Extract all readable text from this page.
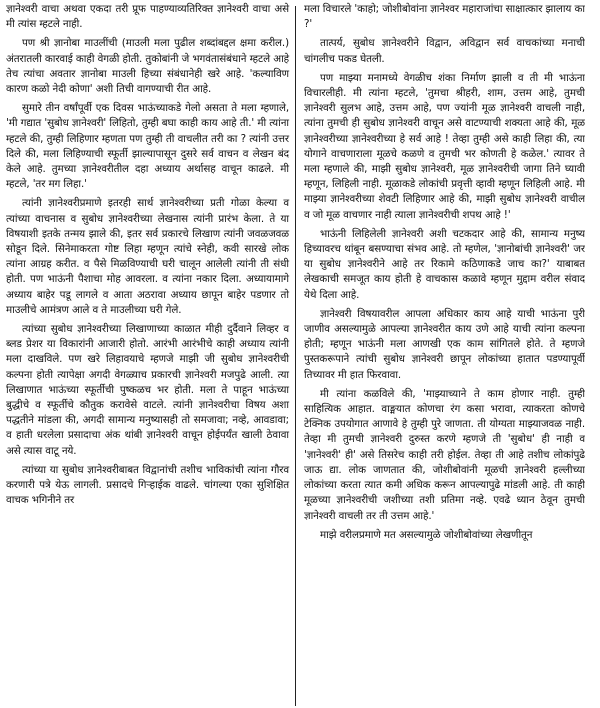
ज्ञानेश्वरी वाचा अथवा एकदा तरी प्रूफ पाहण्याव्यतिरिक्त ज्ञानेश्वरी वाचा असे मी त्यांस म्हटले नाही.

पण श्री ज्ञानोबा माउलींची (माउली मला पुढील शब्दांबद्दल क्षमा करील.) अंतरातली कारवाई काही वेगळी होती. तुकोबांनी जे भगवंतासंबंधाने म्हटले आहे तेच त्यांचा अवतार ज्ञानोबा माउली हिच्या संबंधानेही खरे आहे. 'कल्याविण कारण कळो नेदी कोणा' अशी तिची वागण्याची रीत आहे.

सुमारे तीन वर्षांपूर्वी एक दिवस भाऊंच्याकडे गेलो असता ते मला म्हणाले, 'मी गद्यात 'सुबोध ज्ञानेश्वरी' लिहितो, तुम्ही बघा काही काय आहे ती.' मी त्यांना म्हटले की, तुम्ही लिहिणार म्हणता पण तुम्ही ती वाचलीत तरी का ? त्यांनी उत्तर दिले की, मला लिहिण्याची स्फूर्ती झाल्यापासून दुसरे सर्व वाचन व लेखन बंद केले आहे. तुमच्या ज्ञानेश्वरीतील दहा अध्याय अर्थासह वाचून काढले. मी म्हटले, 'तर मग लिहा.'

त्यांनी ज्ञानेश्वरीप्रमाणे इतरही सार्थ ज्ञानेश्वरीच्या प्रती गोळा केल्या व त्यांच्या वाचनास व सुबोध ज्ञानेश्वरीच्या लेखनास त्यांनी प्रारंभ केला. ते या विषयाशी इतके तन्मय झाले की, इतर सर्व प्रकारचे लिखाण त्यांनी जवळजवळ सोडून दिले. सिनेमाकरता गोष्ट लिहा म्हणून त्यांचे स्नेही, कवी सारखे लोक त्यांना आग्रह करीत. व पैसे मिळविण्याची घरी चालून आलेली त्यांनी ती संधी होती. पण भाऊंनी पैशाचा मोह आवरला. व त्यांना नकार दिला. अध्यायामागे अध्याय बाहेर पडू लागले व आता अठरावा अध्याय छापून बाहेर पडणार तो माउलीचे आमंत्रण आले व ते माउलीच्या घरी गेले.

त्यांच्या सुबोध ज्ञानेश्वरीच्या लिखाणाच्या काळात मीही दुर्दैवाने लिव्हर व ब्लड प्रेशर या विकारांनी आजारी होतो. आरंभी आरंभीचे काही अध्याय त्यांनी मला दाखविले. पण खरे लिहावयाचे म्हणजे माझी जी सुबोध ज्ञानेश्वरीची कल्पना होती त्यापेक्षा अगदी वेगळ्याच प्रकारची ज्ञानेश्वरी मजपुढे आली. त्या लिखाणात भाऊंच्या स्फूर्तीची पुष्कळच भर होती. मला ते पाहून भाऊंच्या बुद्धीचे व स्फूर्तीचे कौतुक करावेसे वाटले. त्यांनी ज्ञानेश्वरीचा विषय अशा पद्धतीने मांडला की, अगदी सामान्य मनुष्यासही तो समजावा; नव्हे, आवडावा; व हाती धरलेला प्रसादाचा अंक थांबी ज्ञानेश्वरी वाचून होईपर्यंत खाली ठेवावा असे त्यास वाटू नये.

त्यांच्या या सुबोध ज्ञानेश्वरीबाबत विद्वानांची तशीच भाविकांची त्यांना गौरव करणारी पत्रे येऊ लागली. प्रसादचे गिऱ्हाईक वाढले. चांगल्या एका सुशिक्षित वाचक भगिनीने तर

मला विचारले 'काहो; जोशीबोवांना ज्ञानेश्वर महाराजांचा साक्षात्कार झालाय का ?'

तात्पर्य, सुबोध ज्ञानेश्वरीने विद्वान, अविद्वान सर्व वाचकांच्या मनाची चांगलीच पकड घेतली.

पण माझ्या मनामध्ये वेगळीच शंका निर्माण झाली व ती मी भाऊंना विचारलीही. मी त्यांना म्हटले, 'तुमचा श्रीहरी, शाम, उत्तम आहे, तुमची ज्ञानेश्वरी सुलभ आहे, उत्तम आहे, पण ज्यांनी मूळ ज्ञानेश्वरी वाचली नाही, त्यांना तुमची ही सुबोध ज्ञानेश्वरी वाचून असे वाटण्याची शक्यता आहे की, मूळ ज्ञानेश्वरीच्या ज्ञानेश्वरीच्या हे सर्व आहे ! तेव्हा तुम्ही असे काही लिहा की, त्या योगाने वाचणाराला मूळचे कळणे व तुमची भर कोणती हे कळेल.' त्यावर ते मला म्हणाले की, माझी सुबोध ज्ञानेश्वरी, मूळ ज्ञानेश्वरीची जागा तिने घ्यावी म्हणून, लिहिली नाही. मूळाकडे लोकांची प्रवृत्ती व्हावी म्हणून लिहिली आहे. मी माझ्या ज्ञानेश्वरीच्या शेवटी लिहिणार आहे की, माझी सुबोध ज्ञानेश्वरी वाचील व जो मूळ वाचणार नाही त्याला ज्ञानेश्वरीची शपथ आहे !'

भाऊंनी लिहिलेली ज्ञानेश्वरी अशी चटकदार आहे की, सामान्य मनुष्य हिच्यावरच थांबून बसण्याचा संभव आहे. तो म्हणेल, 'ज्ञानोबांची ज्ञानेश्वरी' जर या सुबोध ज्ञानेश्वरीने आहे तर रिकामे कठिणाकडे जाच का?' याबाबत लेखकाची समजूत काय होती हे वाचकास कळावे म्हणून मुद्दाम वरील संवाद येथे दिला आहे.

ज्ञानेश्वरी विषयावरील आपला अधिकार काय आहे याची भाऊंना पुरी जाणीव असल्यामुळे आपल्या ज्ञानेश्वरीत काय उणे आहे याची त्यांना कल्पना होती; म्हणून भाऊंनी मला आणखी एक काम सांगितले होते. ते म्हणजे पुस्तकरूपाने त्यांची सुबोध ज्ञानेश्वरी छापून लोकांच्या हातात पडण्यापूर्वी तिच्यावर मी हात फिरवावा.

मी त्यांना कळविले की, 'माझ्याच्याने ते काम होणार नाही. तुम्ही साहित्यिक आहात. वाङ्मयात कोणचा रंग कसा भरावा, त्याकरता कोणचे टेक्निक उपयोगात आणावे हे तुम्ही पुरे जाणता. ती योग्यता माझ्याजवळ नाही. तेव्हा मी तुमची ज्ञानेश्वरी दुरुस्त करणे म्हणजे ती 'सुबोध' ही नाही व 'ज्ञानेश्वरी' ही' असे तिसरेच काही तरी होईल. तेव्हा ती आहे तशीच लोकांपुढे जाऊ द्या. लोक जाणतात की, जोशीबोवांनी मूळची ज्ञानेश्वरी हल्लीच्या लोकांच्या करता त्यात कमी अधिक करून आपल्यापुढे मांडली आहे. ती काही मूळच्या ज्ञानेश्वरीची जशीच्या तशी प्रतिमा नव्हे. एवढे ध्यान ठेवून तुमची ज्ञानेश्वरी वाचली तर ती उत्तम आहे.'

माझे वरीलप्रमाणे मत असल्यामुळे जोशीबोवांच्या लेखणीतून
